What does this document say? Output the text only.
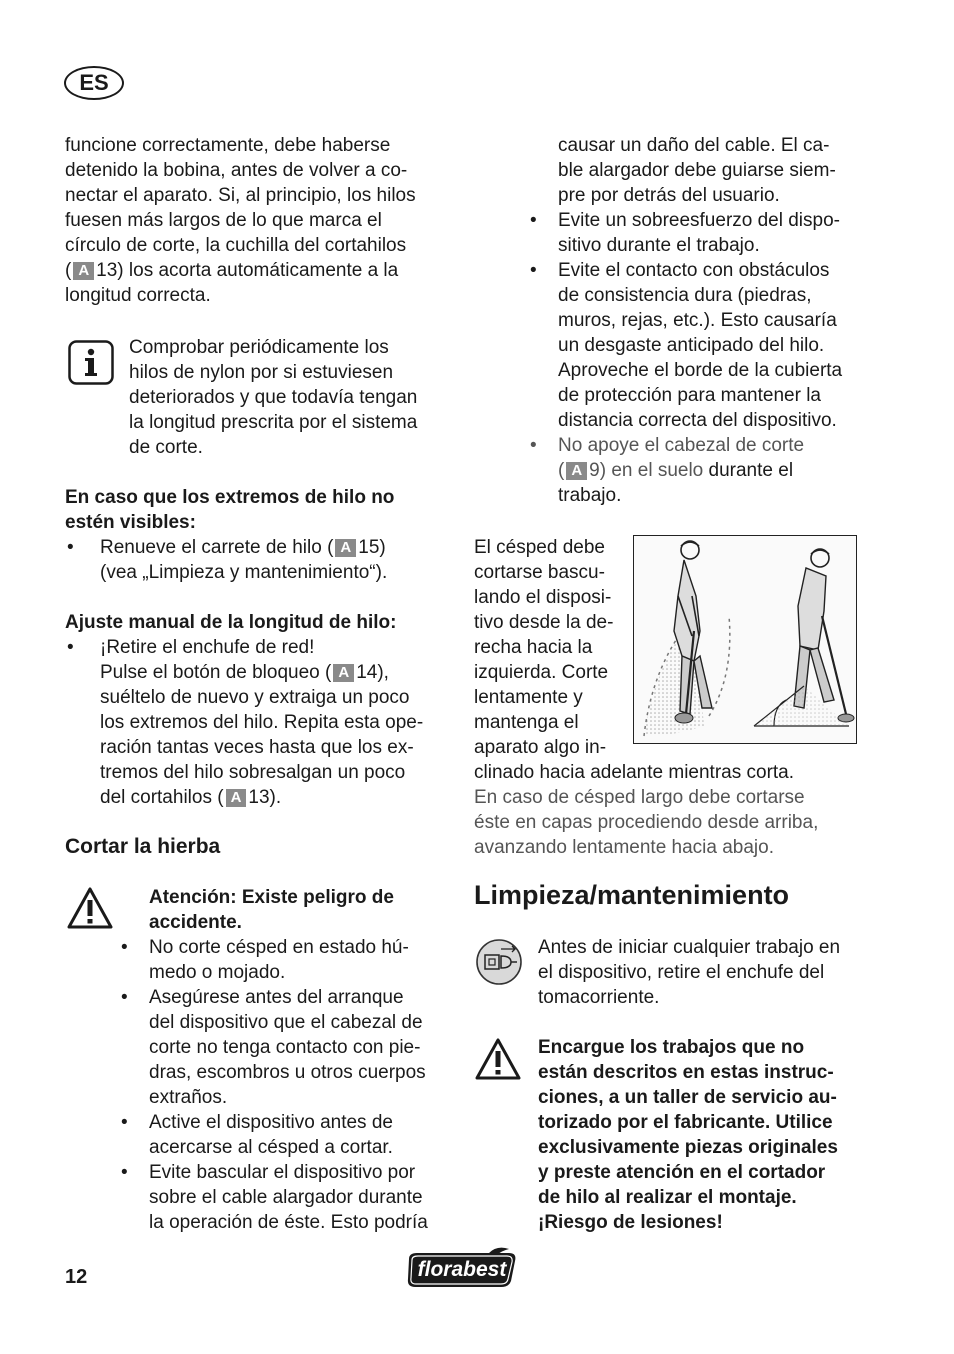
ES

funcione correctamente, debe haberse

detenido la bobina, antes de volver a co-

nectar el aparato. Si, al principio, los hilos

fuesen más largos de lo que marca el

círculo de corte, la cuchilla del cortahilos

( A 13) los acorta automáticamente a la

longitud correcta.

Comprobar periódicamente los

hilos de nylon por si estuviesen

deteriorados y que todavía tengan

la longitud prescrita por el sistema

de corte.

En caso que los extremos de hilo no

estén visibles:

• Renueve el carrete de hilo ( A 15)
(vea „Limpieza y mantenimiento“).

Ajuste manual de la longitud de hilo:

• ¡Retire el enchufe de red!
Pulse el botón de bloqueo ( A 14),
suéltelo de nuevo y extraiga un poco
los extremos del hilo. Repita esta ope-
ración tantas veces hasta que los ex-
tremos del hilo sobresalgan un poco
del cortahilos ( A 13).
Cortar la hierba

Atención: Existe peligro de

accidente.

• No corte césped en estado hú-
medo o mojado.
• Asegúrese antes del arranque
del dispositivo que el cabezal de
corte no tenga contacto con pie-
dras, escombros u otros cuerpos
extraños.
• Active el dispositivo antes de
acercarse al césped a cortar.
• Evite bascular el dispositivo por
sobre el cable alargador durante
la operación de éste. Esto podría
causar un daño del cable. El ca-
ble alargador debe guiarse siem-
pre por detrás del usuario.
• Evite un sobreesfuerzo del dispo-
sitivo durante el trabajo.
• Evite el contacto con obstáculos
de consistencia dura (piedras,
muros, rejas, etc.). Esto causaría
un desgaste anticipado del hilo.
Aproveche el borde de la cubierta
de protección para mantener la
distancia correcta del dispositivo.
• No apoye el cabezal de corte
( A 9) en el suelo durante el
trabajo.

El césped debe

cortarse bascu-

lando el disposi-

tivo desde la de-

recha hacia la

izquierda. Corte

lentamente y

mantenga el

aparato algo in-

clinado hacia adelante mientras corta.

En caso de césped largo debe cortarse

éste en capas procediendo desde arriba,

avanzando lentamente hacia abajo.

Limpieza/mantenimiento

Antes de iniciar cualquier trabajo en

el dispositivo, retire el enchufe del

tomacorriente.

Encargue los trabajos que no

están descritos en estas instruc-

ciones, a un taller de servicio au-

torizado por el fabricante. Utilice

exclusivamente piezas originales

y preste atención en el cortador

de hilo al realizar el montaje.

¡Riesgo de lesiones!

12	florabest
